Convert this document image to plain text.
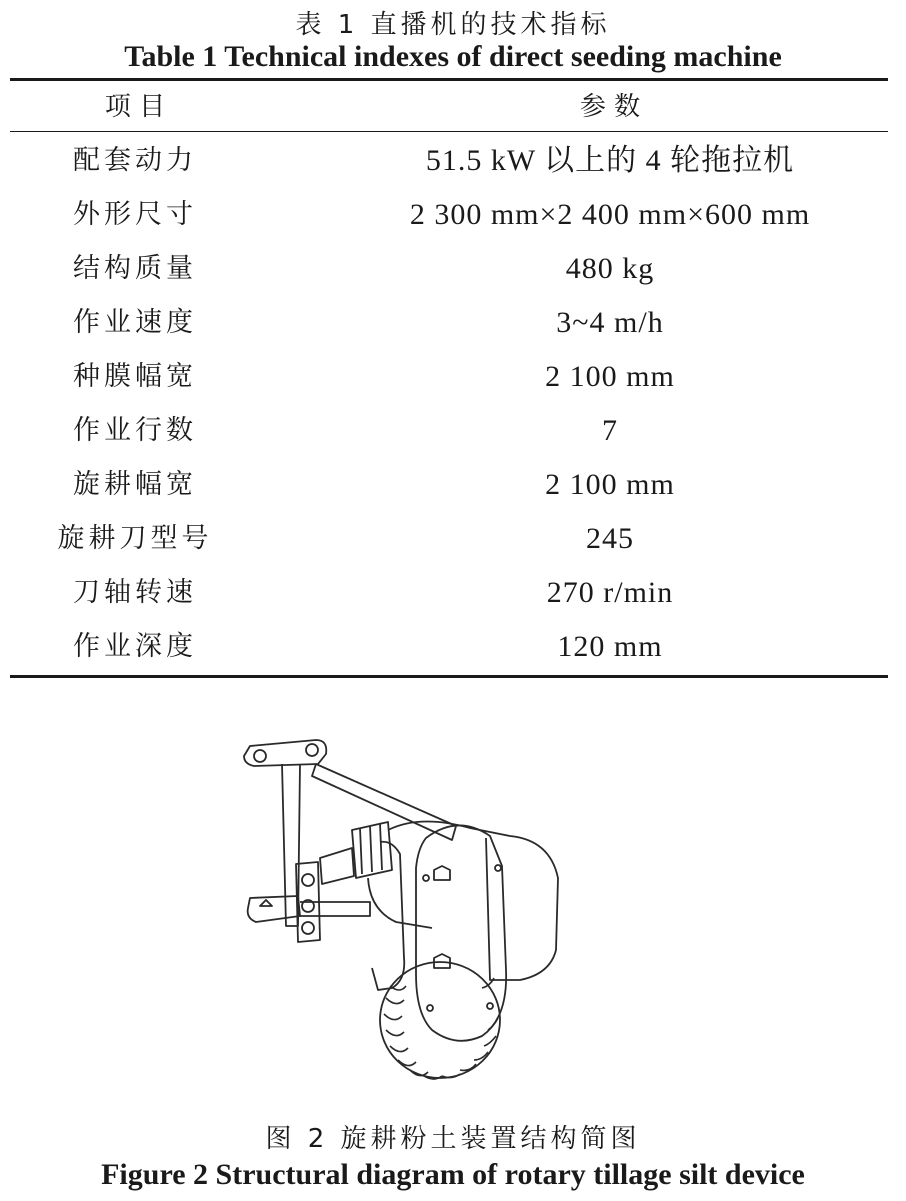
表 1 直播机的技术指标
Table 1 Technical indexes of direct seeding machine
项 目	参 数
配套动力	51.5 kW 以上的 4 轮拖拉机
外形尺寸	2 300 mm×2 400 mm×600 mm
结构质量	480 kg
作业速度	3~4 m/h
种膜幅宽	2 100 mm
作业行数	7
旋耕幅宽	2 100 mm
旋耕刀型号	245
刀轴转速	270 r/min
作业深度	120 mm
图 2 旋耕粉土装置结构简图
Figure 2 Structural diagram of rotary tillage silt device
